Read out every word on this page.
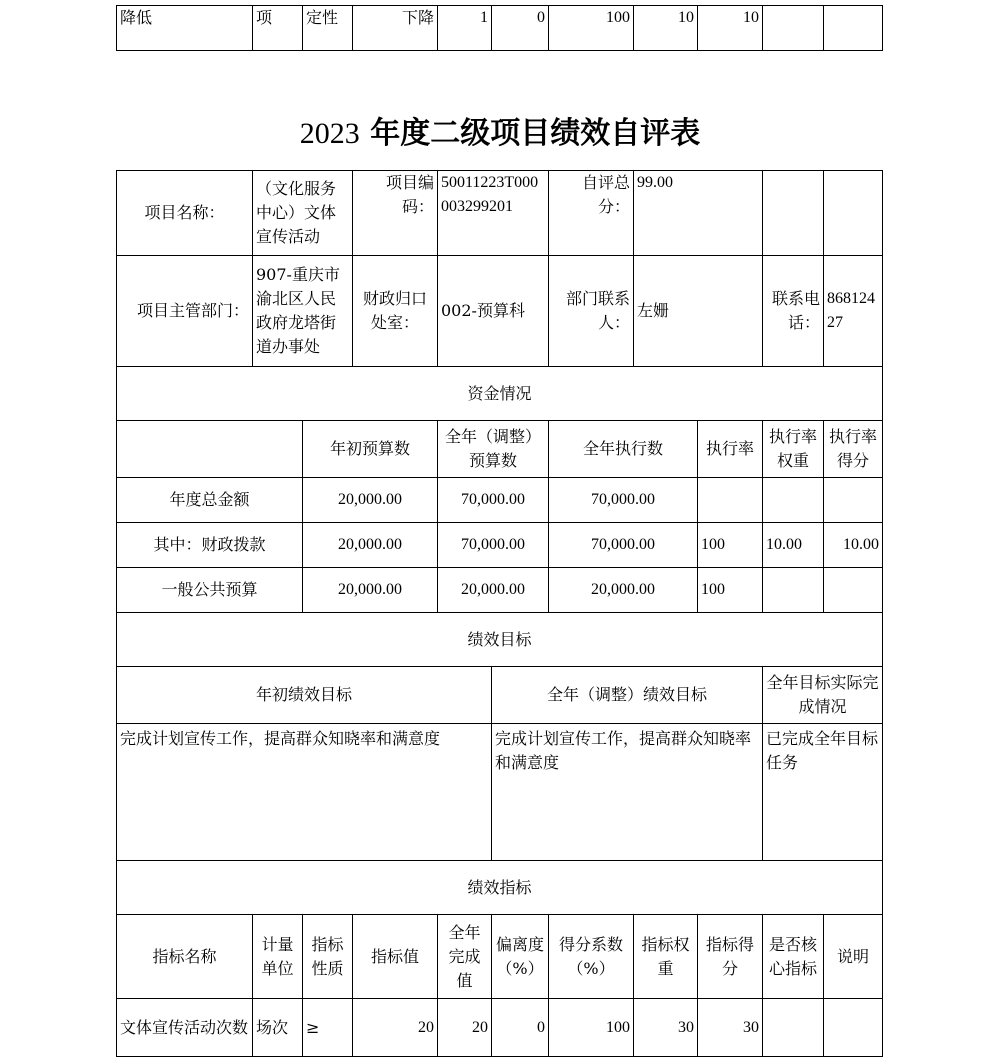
降低	项	定性	下降	1	0	100	10	10		
2023 年度二级项目绩效自评表
项目名称：	（文化服务中心）文体宣传活动		项目编码：	50011223T000003299201		自评总分：	99.00			
项目主管部门：	907-重庆市渝北区人民政府龙塔街道办事处		财政归口处室：	002-预算科		部门联系人：	左姗		联系电话：	86812427
资金情况										
		年初预算数		全年（调整）预算数		全年执行数		执行率	执行率权重	执行率得分
年度总金额		20,000.00		70,000.00		70,000.00				
其中：财政拨款		20,000.00		70,000.00		70,000.00		100	10.00	10.00
一般公共预算		20,000.00		20,000.00		20,000.00		100		
绩效目标										
年初绩效目标					全年（调整）绩效目标				全年目标实际完成情况	
完成计划宣传工作，提高群众知晓率和满意度					完成计划宣传工作，提高群众知晓率和满意度				已完成全年目标任务	
绩效指标										
指标名称	计量单位	指标性质	指标值	全年完成值	偏离度（%）	得分系数（%）	指标权重	指标得分	是否核心指标	说明
文体宣传活动次数	场次	≥	20	20	0	100	30	30		
